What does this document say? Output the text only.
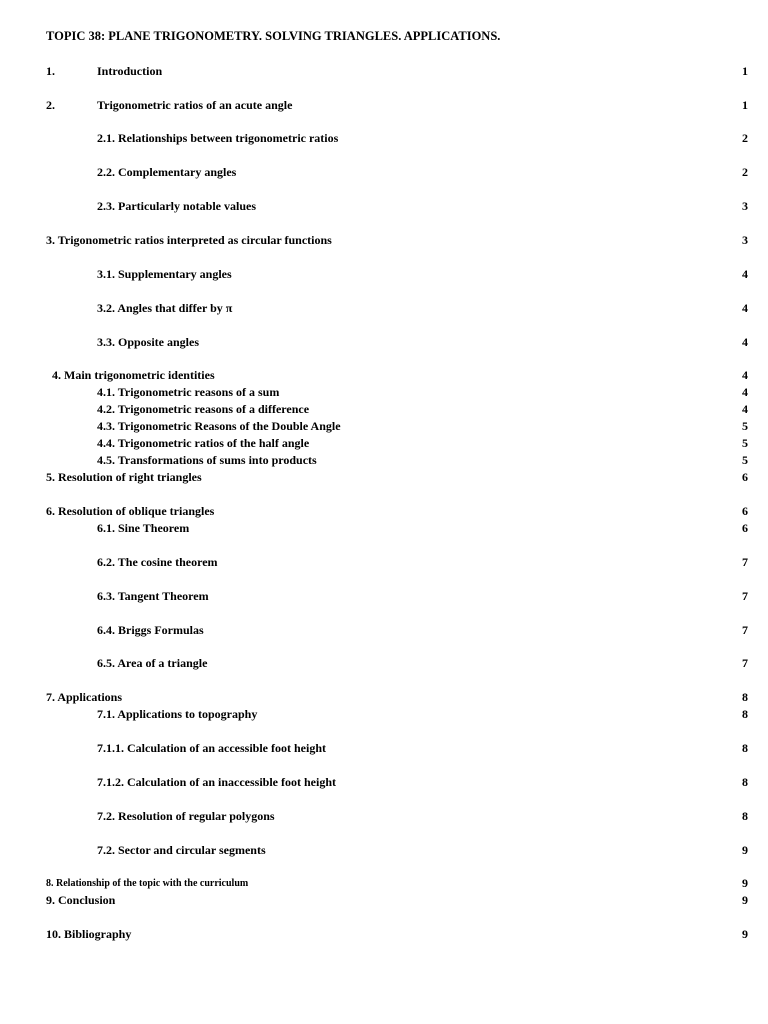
TOPIC 38: PLANE TRIGONOMETRY. SOLVING TRIANGLES. APPLICATIONS.
1.	Introduction	1
2.	Trigonometric ratios of an acute angle	1
2.1. Relationships between trigonometric ratios	2
2.2. Complementary angles	2
2.3. Particularly notable values	3
3. Trigonometric ratios interpreted as circular functions	3
3.1. Supplementary angles	4
3.2. Angles that differ by π	4
3.3. Opposite angles	4
4. Main trigonometric identities	4
4.1. Trigonometric reasons of a sum	4
4.2. Trigonometric reasons of a difference	4
4.3. Trigonometric Reasons of the Double Angle	5
4.4. Trigonometric ratios of the half angle	5
4.5. Transformations of sums into products	5
5. Resolution of right triangles	6
6. Resolution of oblique triangles	6
6.1. Sine Theorem	6
6.2. The cosine theorem	7
6.3. Tangent Theorem	7
6.4. Briggs Formulas	7
6.5. Area of a triangle	7
7. Applications	8
7.1. Applications to topography	8
7.1.1. Calculation of an accessible foot height	8
7.1.2. Calculation of an inaccessible foot height	8
7.2. Resolution of regular polygons	8
7.2. Sector and circular segments	9
8. Relationship of the topic with the curriculum	9
9. Conclusion	9
10. Bibliography	9
